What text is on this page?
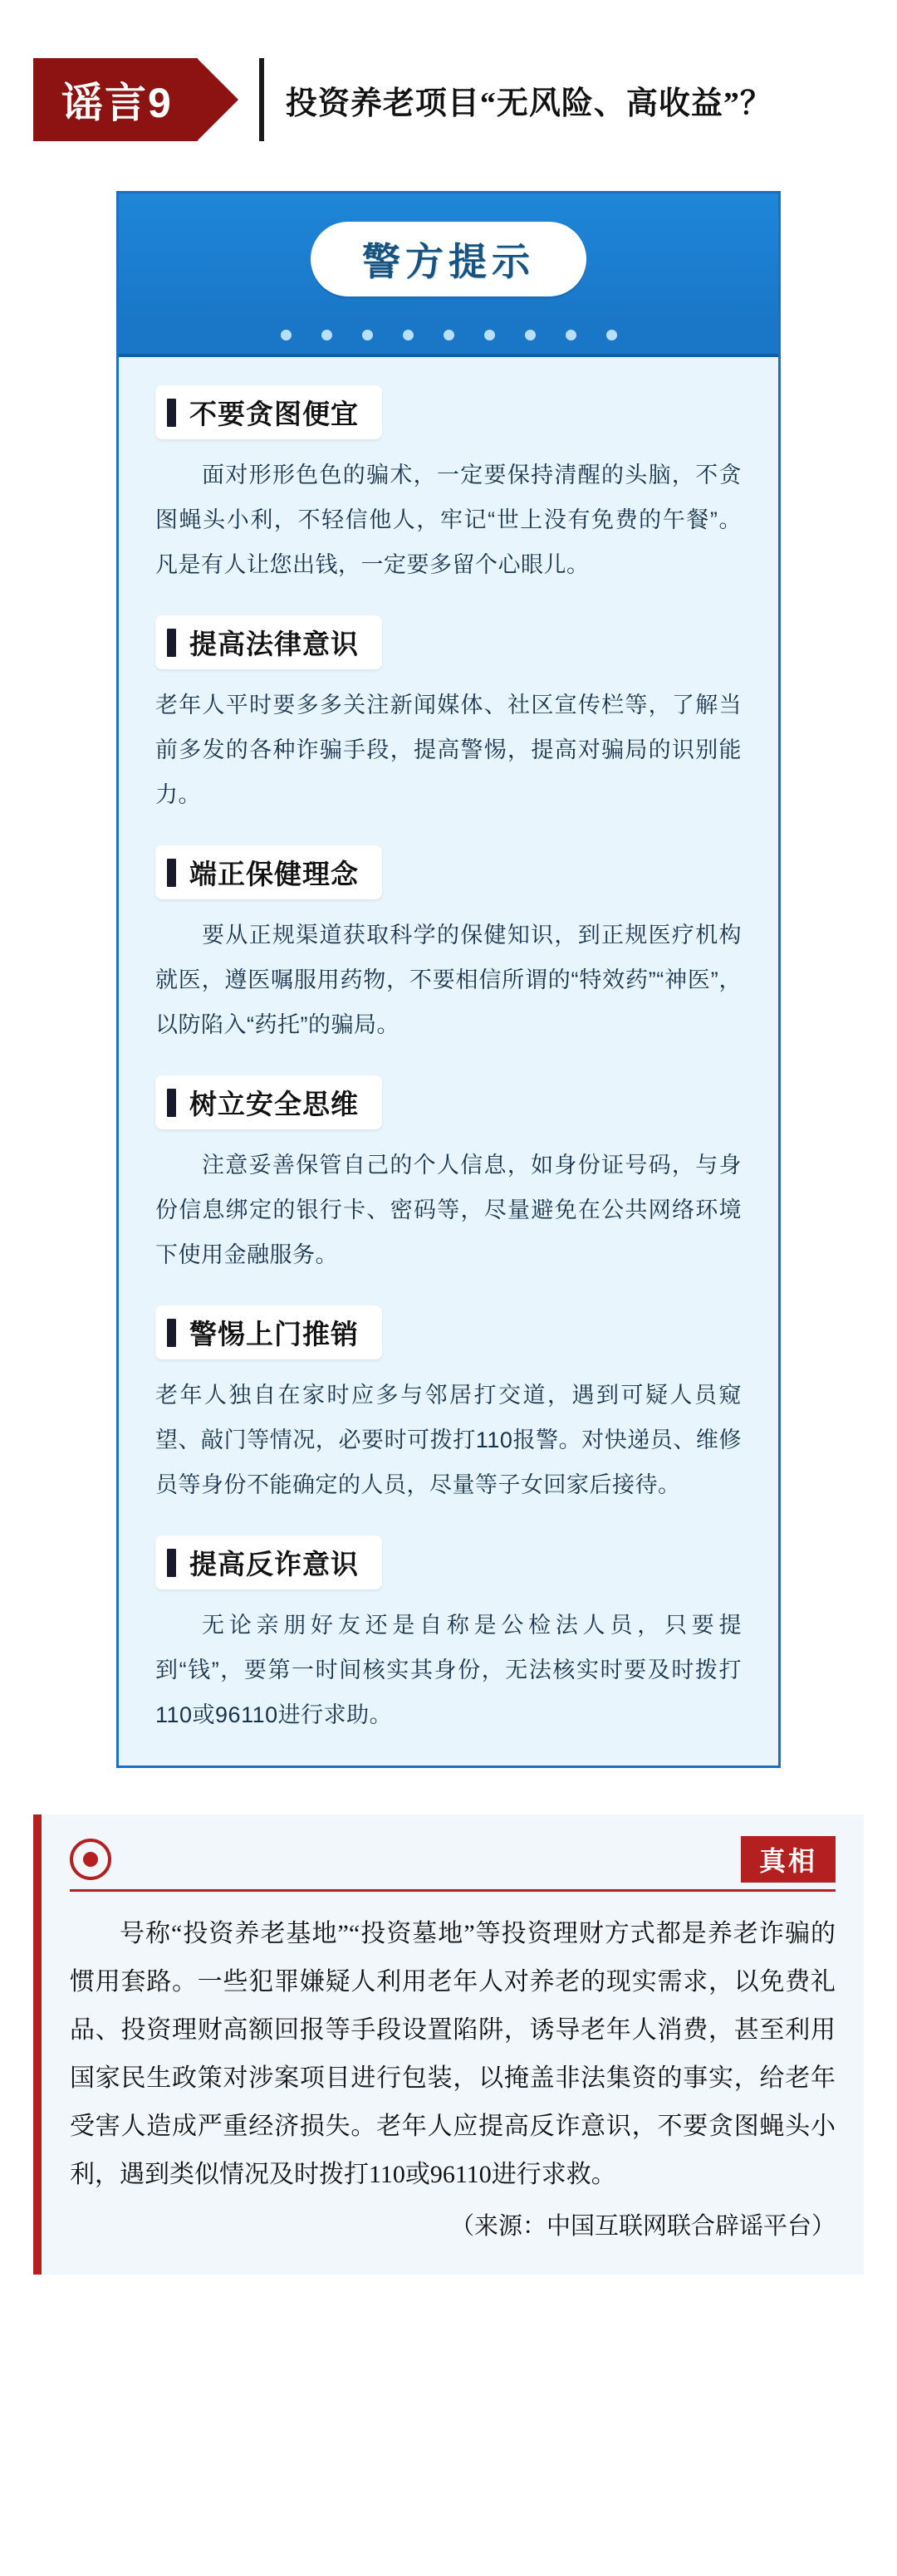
谣言9	投资养老项目“无风险、高收益”？
警方提示

不要贪图便宜
面对形形色色的骗术，一定要保持清醒的头脑，不贪图蝇头小利，不轻信他人，牢记“世上没有免费的午餐”。凡是有人让您出钱，一定要多留个心眼儿。
提高法律意识
老年人平时要多多关注新闻媒体、社区宣传栏等，了解当前多发的各种诈骗手段，提高警惕，提高对骗局的识别能力。
端正保健理念
要从正规渠道获取科学的保健知识，到正规医疗机构就医，遵医嘱服用药物，不要相信所谓的“特效药”“神医”，以防陷入“药托”的骗局。
树立安全思维
注意妥善保管自己的个人信息，如身份证号码，与身份信息绑定的银行卡、密码等，尽量避免在公共网络环境下使用金融服务。
警惕上门推销
老年人独自在家时应多与邻居打交道，遇到可疑人员窥望、敲门等情况，必要时可拨打110报警。对快递员、维修员等身份不能确定的人员，尽量等子女回家后接待。
提高反诈意识
无论亲朋好友还是自称是公检法人员，只要提到“钱”，要第一时间核实其身份，无法核实时要及时拨打110或96110进行求助。
真相
号称“投资养老基地”“投资墓地”等投资理财方式都是养老诈骗的惯用套路。一些犯罪嫌疑人利用老年人对养老的现实需求，以免费礼品、投资理财高额回报等手段设置陷阱，诱导老年人消费，甚至利用国家民生政策对涉案项目进行包装，以掩盖非法集资的事实，给老年受害人造成严重经济损失。老年人应提高反诈意识，不要贪图蝇头小利，遇到类似情况及时拨打110或96110进行求救。
（来源：中国互联网联合辟谣平台）
